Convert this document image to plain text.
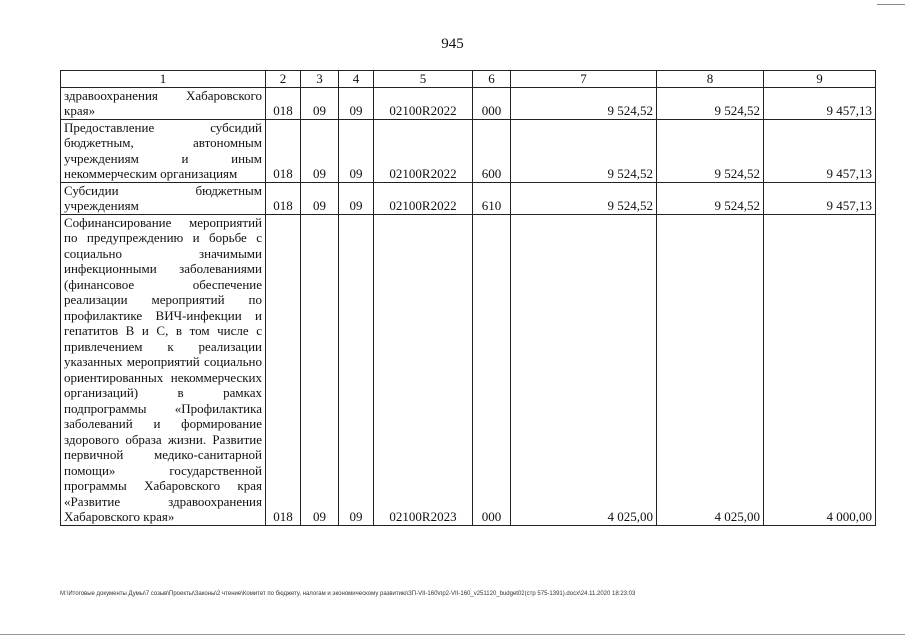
945
1	2	3	4	5	6	7	8	9
здравоохранения Хабаровского края»	018	09	09	02100R2022	000	9 524,52	9 524,52	9 457,13
Предоставление субсидий бюджетным, автономным учреждениям и иным некоммерческим организациям	018	09	09	02100R2022	600	9 524,52	9 524,52	9 457,13
Субсидии бюджетным учреждениям	018	09	09	02100R2022	610	9 524,52	9 524,52	9 457,13
Софинансирование мероприятий по предупреждению и борьбе с социально значимыми инфекционными заболеваниями (финансовое обеспечение реализации мероприятий по профилактике ВИЧ-инфекции и гепатитов В и С, в том числе с привлечением к реализации указанных мероприятий социально ориентированных некоммерческих организаций) в рамках подпрограммы «Профилактика заболеваний и формирование здорового образа жизни. Развитие первичной медико-санитарной помощи» государственной программы Хабаровского края «Развитие здравоохранения Хабаровского края»	018	09	09	02100R2023	000	4 025,00	4 025,00	4 000,00
M:\Итоговые документы Думы\7 созыв\Проекты\Законы\2 чтение\Комитет по бюджету, налогам и экономическому развитию\ЗП-VII-160\пр2-VII-160_v251120_budget02(стр 575-1391).docx\24.11.2020 18:23:03
